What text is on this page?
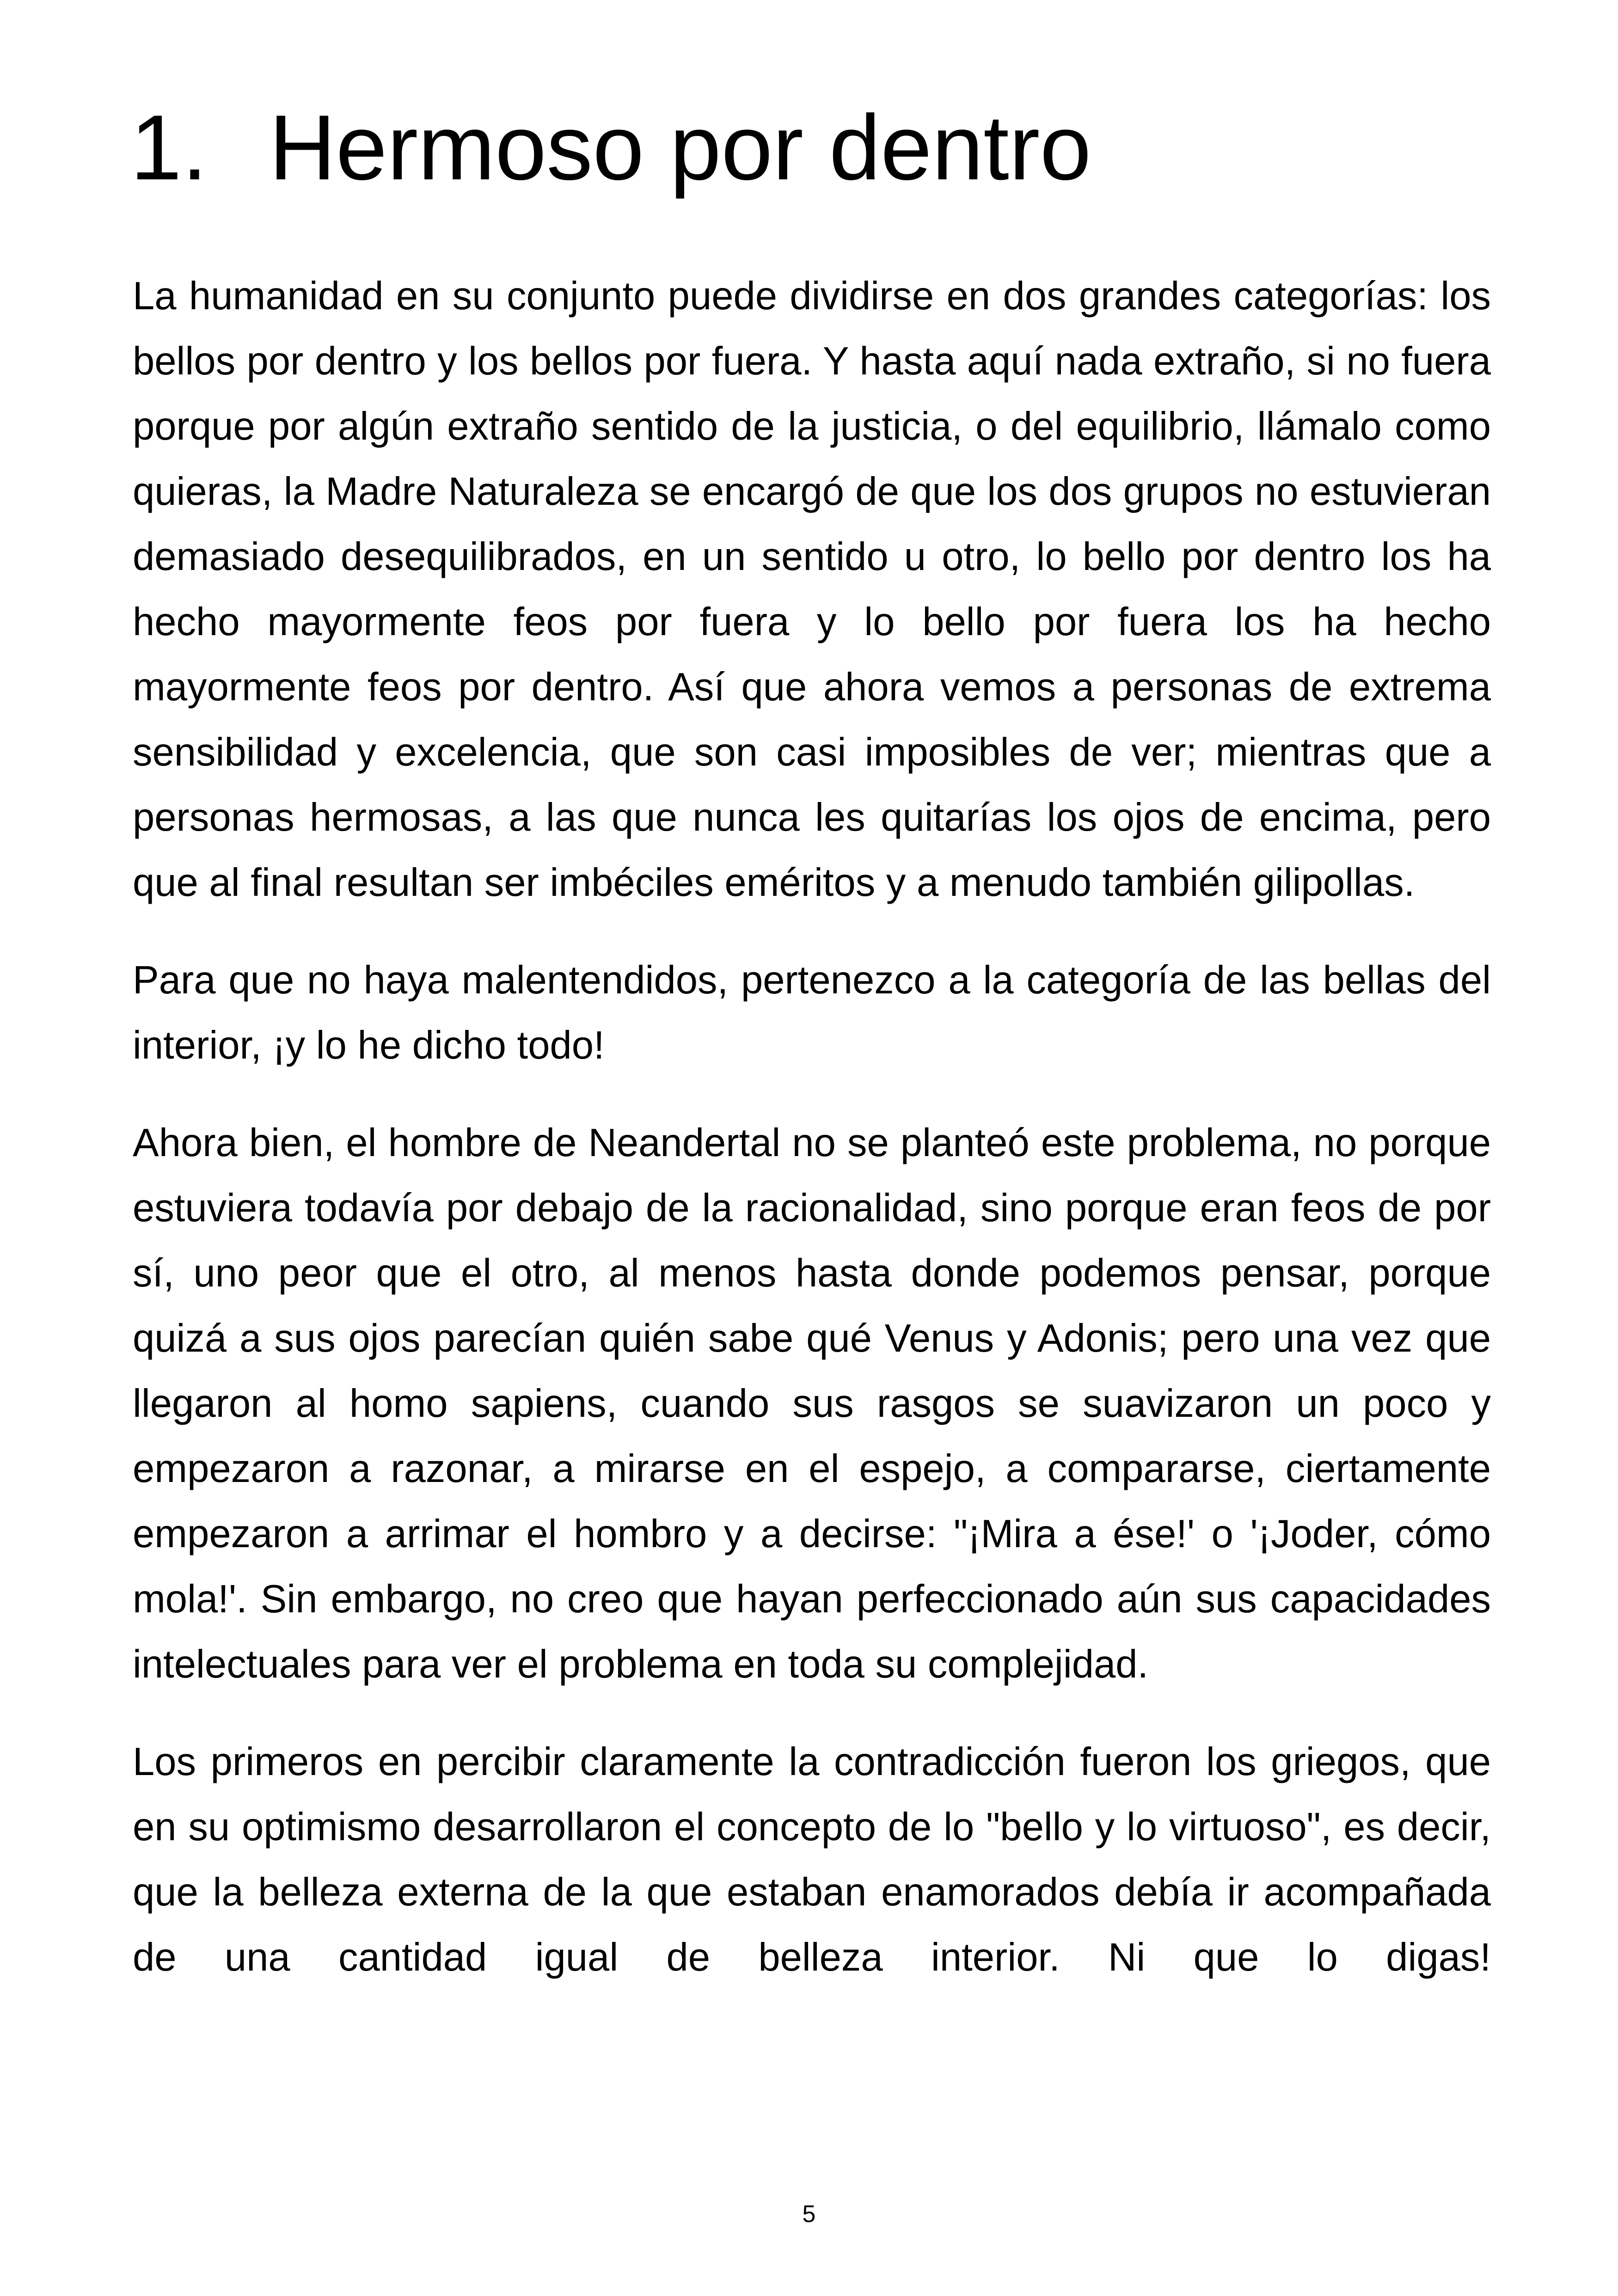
1. Hermoso por dentro

La humanidad en su conjunto puede dividirse en dos grandes categorías: los bellos por dentro y los bellos por fuera. Y hasta aquí nada extraño, si no fuera porque por algún extraño sentido de la justicia, o del equilibrio, llámalo como quieras, la Madre Naturaleza se encargó de que los dos grupos no estuvieran demasiado desequilibrados, en un sentido u otro, lo bello por dentro los ha hecho mayormente feos por fuera y lo bello por fuera los ha hecho mayormente feos por dentro. Así que ahora vemos a personas de extrema sensibilidad y excelencia, que son casi imposibles de ver; mientras que a personas hermosas, a las que nunca les quitarías los ojos de encima, pero que al final resultan ser imbéciles eméritos y a menudo también gilipollas.

Para que no haya malentendidos, pertenezco a la categoría de las bellas del interior, ¡y lo he dicho todo!

Ahora bien, el hombre de Neandertal no se planteó este problema, no porque estuviera todavía por debajo de la racionalidad, sino porque eran feos de por sí, uno peor que el otro, al menos hasta donde podemos pensar, porque quizá a sus ojos parecían quién sabe qué Venus y Adonis; pero una vez que llegaron al homo sapiens, cuando sus rasgos se suavizaron un poco y empezaron a razonar, a mirarse en el espejo, a compararse, ciertamente empezaron a arrimar el hombro y a decirse: "¡Mira a ése!' o '¡Joder, cómo mola!'. Sin embargo, no creo que hayan perfeccionado aún sus capacidades intelectuales para ver el problema en toda su complejidad.

Los primeros en percibir claramente la contradicción fueron los griegos, que en su optimismo desarrollaron el concepto de lo "bello y lo virtuoso", es decir, que la belleza externa de la que estaban enamorados debía ir acompañada de una cantidad igual de belleza interior. Ni que lo digas!

5
